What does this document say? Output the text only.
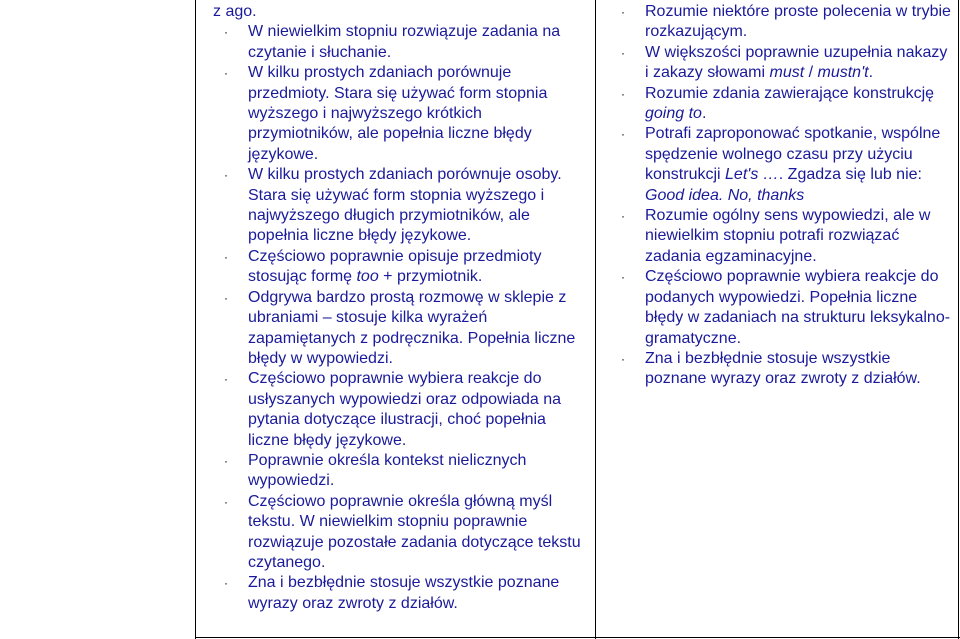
z ago.
· W niewielkim stopniu rozwiązuje zadania na czytanie i słuchanie.
· W kilku prostych zdaniach porównuje przedmioty. Stara się używać form stopnia wyższego i najwyższego krótkich przymiotników, ale popełnia liczne błędy językowe.
· W kilku prostych zdaniach porównuje osoby. Stara się używać form stopnia wyższego i najwyższego długich przymiotników, ale popełnia liczne błędy językowe.
· Częściowo poprawnie opisuje przedmioty stosując formę too + przymiotnik.
· Odgrywa bardzo prostą rozmowę w sklepie z ubraniami – stosuje kilka wyrażeń zapamiętanych z podręcznika. Popełnia liczne błędy w wypowiedzi.
· Częściowo poprawnie wybiera reakcje do usłyszanych wypowiedzi oraz odpowiada na pytania dotyczące ilustracji, choć popełnia liczne błędy językowe.
· Poprawnie określa kontekst nielicznych wypowiedzi.
· Częściowo poprawnie określa główną myśl tekstu. W niewielkim stopniu poprawnie rozwiązuje pozostałe zadania dotyczące tekstu czytanego.
· Zna i bezbłędnie stosuje wszystkie poznane wyrazy oraz zwroty z działów.
· Rozumie niektóre proste polecenia w trybie rozkazującym.
· W większości poprawnie uzupełnia nakazy i zakazy słowami must / mustn't.
· Rozumie zdania zawierające konstrukcję going to.
· Potrafi zaproponować spotkanie, wspólne spędzenie wolnego czasu przy użyciu konstrukcji Let's …. Zgadza się lub nie: Good idea. No, thanks
· Rozumie ogólny sens wypowiedzi, ale w niewielkim stopniu potrafi rozwiązać zadania egzaminacyjne.
· Częściowo poprawnie wybiera reakcje do podanych wypowiedzi. Popełnia liczne błędy w zadaniach na strukturu leksykalno-gramatyczne.
· Zna i bezbłędnie stosuje wszystkie poznane wyrazy oraz zwroty z działów.
